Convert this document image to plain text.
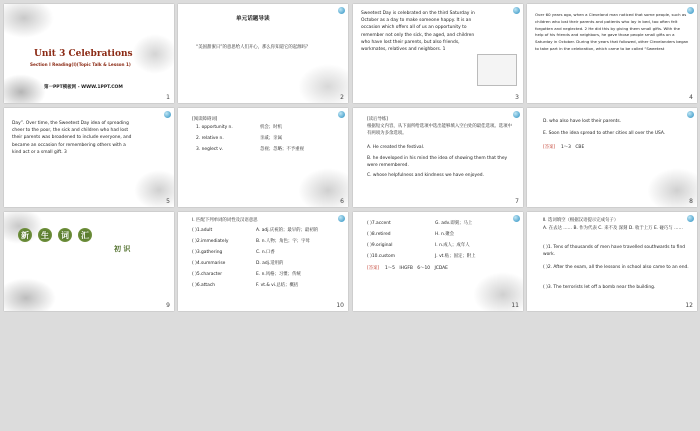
Unit 3 Celebrations
Section Ⅰ Reading(Ⅰ)(Topic Talk & Lesson 1)
第一PPT模板网 - WWW.1PPT.COM
1
单元话题导读
“美国甜蜜日”的意思给人们开心，那么你知道它的起源吗？
2
Sweetest Day is celebrated on the third Saturday in October as a day to make someone happy. It is an occasion which offers all of us an opportunity to remember not only the sick, the aged, and children who have lost their parents, but also friends, workmates, relatives and neighbors. 1
3
Over 60 years ago, when a Cleveland man noticed that some people, such as children who lost their parents and patients who lay in bed, too often felt forgotten and neglected. 2 He did this by giving them small gifts. With the help of his friends and neighbors, he gave those people small gifts on a Saturday in October. During the years that followed, other Clevelanders began to take part in the celebration, which came to be called “Sweetest
4
Day”. Over time, the Sweetest Day idea of spreading cheer to the poor, the sick and children who had lost their parents was broadened to include everyone, and became an occasion for remembering others with a kind act or a small gift. 3
5
[阅读障碍词]
1. opportunity n.	机会；时机
2. relative n.	亲戚；亲属
3. neglect v.	忽视；忽略；不予重视
6
[读后导练]
根据短文内容，从下面所给选项中选出能够填入空白处的最佳选项。选项中有两项为多余选项。
A. He created the festival.
B. he developed in his mind the idea of showing them that they were remembered.
C. whose helpfulness and kindness we have enjoyed.
7
D. who also have lost their parents.
E. Soon the idea spread to other cities all over the USA.
[答案] 1～3　CBE
8
新	生	词	汇
初 识
9
Ⅰ. 匹配下列单词的词性及汉语意思
( )1.adult	A. adj.庆祝的；最早的；最初的
( )2.immediately	B. n.人物；角色；字；字母
( )3.gathering	C. n.口香
( )4.summarise	D. adj.适用的
( )5.character	E. n.风格；习惯；传统
( )6.attach	F. vt.& vi.总结；概括
10
( )7.accent	G. adv.即刻；马上
( )8.retired	H. n.聚会
( )9.original	I. n.成人；成年人
( )10.custom	J. vt.贴；固定；附上
[答案] 1～5　IHGFB　6～10　JCDAE
11
Ⅱ. 选词填空（根据汉语提示完成句子）
A. 在去达 …… B. 作为代表 C. 来不及 深刻 D. 收于上万 E. 碰巧与 ……
( )1. Tens of thousands of men have travelled southwards to find work.
( )2. After the exam, all the lessons in school also came to an end.
( )3. The terrorists let off a bomb near the building.
12
